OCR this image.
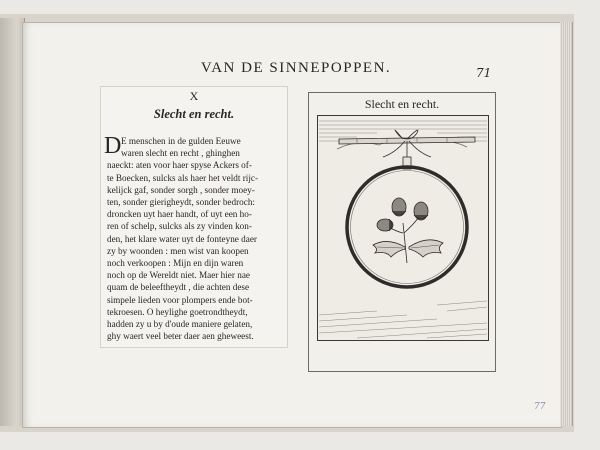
VAN DE SINNEPOPPEN.	71
X
Slecht en recht.
E menschen in de gulden Eeuwe
waren slecht en recht , ghinghen
naeckt: aten voor haer spyse Ackers of-
te Boecken, sulcks als haer het veldt rijc-
kelijck gaf, sonder sorgh , sonder moey-
ten, sonder gierigheydt, sonder bedroch:
droncken uyt haer handt, of uyt een ho-
ren of schelp, sulcks als zy vinden kon-
den, het klare water uyt de fonteyne daer
zy by woonden : men wist van koopen
noch verkoopen : Mijn en dijn waren
noch op de Wereldt niet. Maer hier nae
quam de beleeftheydt , die achten dese
simpele lieden voor plompers ende bot-
tekroesen. O heylighe goetrondtheydt,
hadden zy u by d'oude maniere gelaten,
ghy waert veel beter daer aen gheweest.
D
Slecht en recht.
77
